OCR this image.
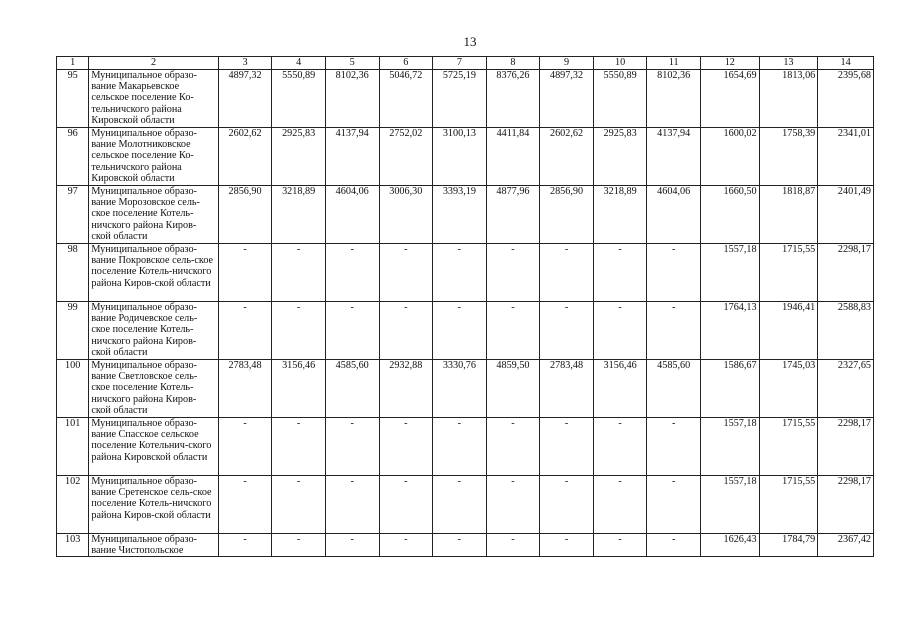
13
1	2	3	4	5	6	7	8	9	10	11	12	13	14
95	Муниципальное образо-вание Макарьевское сельское поселение Ко-тельничского района Кировской области	4897,32	5550,89	8102,36	5046,72	5725,19	8376,26	4897,32	5550,89	8102,36	1654,69	1813,06	2395,68
96	Муниципальное образо-вание Молотниковское сельское поселение Ко-тельничского района Кировской области	2602,62	2925,83	4137,94	2752,02	3100,13	4411,84	2602,62	2925,83	4137,94	1600,02	1758,39	2341,01
97	Муниципальное образо-вание Морозовское сель-ское поселение Котель-ничского района Киров-ской области	2856,90	3218,89	4604,06	3006,30	3393,19	4877,96	2856,90	3218,89	4604,06	1660,50	1818,87	2401,49
98	Муниципальное образо-вание Покровское сель-ское поселение Котель-ничского района Киров-ской области	-	-	-	-	-	-	-	-	-	1557,18	1715,55	2298,17
99	Муниципальное образо-вание Родичевское сель-ское поселение Котель-ничского района Киров-ской области	-	-	-	-	-	-	-	-	-	1764,13	1946,41	2588,83
100	Муниципальное образо-вание Светловское сель-ское поселение Котель-ничского района Киров-ской области	2783,48	3156,46	4585,60	2932,88	3330,76	4859,50	2783,48	3156,46	4585,60	1586,67	1745,03	2327,65
101	Муниципальное образо-вание Спасское сельское поселение Котельнич-ского района Кировской области	-	-	-	-	-	-	-	-	-	1557,18	1715,55	2298,17
102	Муниципальное образо-вание Сретенское сель-ское поселение Котель-ничского района Киров-ской области	-	-	-	-	-	-	-	-	-	1557,18	1715,55	2298,17
103	Муниципальное образо-вание Чистопольское	-	-	-	-	-	-	-	-	-	1626,43	1784,79	2367,42
